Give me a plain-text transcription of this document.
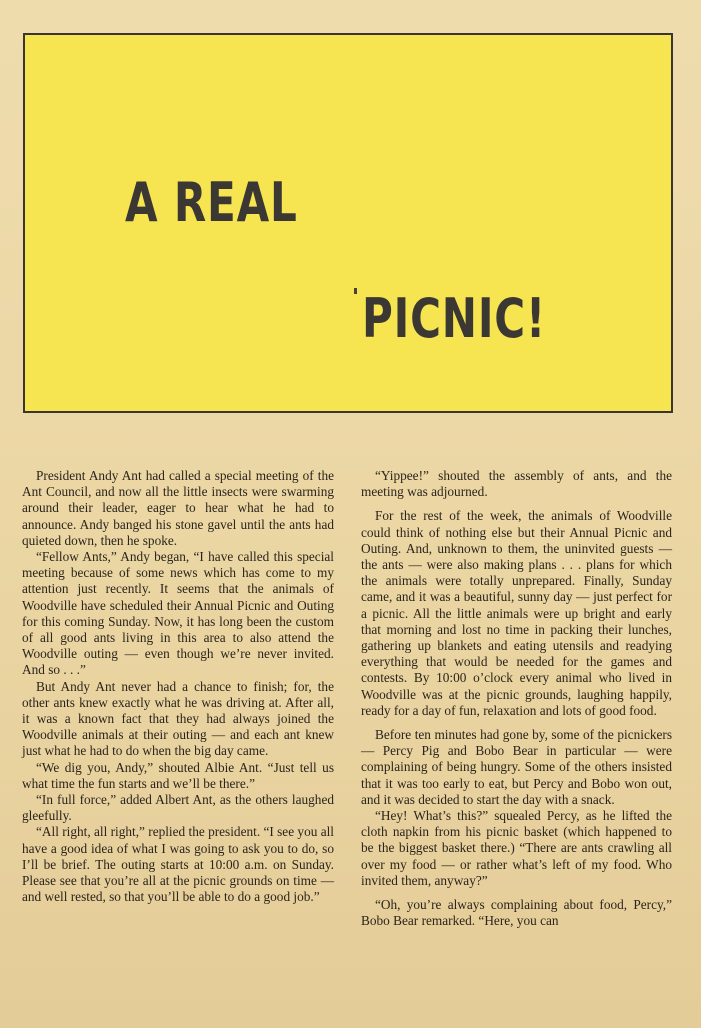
A REAL
PICNIC!

President Andy Ant had called a special meeting of the Ant Council, and now all the little insects were swarming around their leader, eager to hear what he had to announce. Andy banged his stone gavel until the ants had quieted down, then he spoke.

“Fellow Ants,” Andy began, “I have called this special meeting because of some news which has come to my attention just recently. It seems that the animals of Woodville have scheduled their Annual Picnic and Outing for this coming Sunday. Now, it has long been the custom of all good ants living in this area to also attend the Woodville outing — even though we’re never invited. And so . . .”

But Andy Ant never had a chance to finish; for, the other ants knew exactly what he was driving at. After all, it was a known fact that they had always joined the Woodville animals at their outing — and each ant knew just what he had to do when the big day came.

“We dig you, Andy,” shouted Albie Ant. “Just tell us what time the fun starts and we’ll be there.”

“In full force,” added Albert Ant, as the others laughed gleefully.

“All right, all right,” replied the president. “I see you all have a good idea of what I was going to ask you to do, so I’ll be brief. The outing starts at 10:00 a.m. on Sunday. Please see that you’re all at the picnic grounds on time — and well rested, so that you’ll be able to do a good job.”

“Yippee!” shouted the assembly of ants, and the meeting was adjourned.

For the rest of the week, the animals of Woodville could think of nothing else but their Annual Picnic and Outing. And, unknown to them, the uninvited guests — the ants — were also making plans . . . plans for which the animals were totally unprepared. Finally, Sunday came, and it was a beautiful, sunny day — just perfect for a picnic. All the little animals were up bright and early that morning and lost no time in packing their lunches, gathering up blankets and eating utensils and readying everything that would be needed for the games and contests. By 10:00 o’clock every animal who lived in Woodville was at the picnic grounds, laughing happily, ready for a day of fun, relaxation and lots of good food.

Before ten minutes had gone by, some of the picnickers — Percy Pig and Bobo Bear in particular — were complaining of being hungry. Some of the others insisted that it was too early to eat, but Percy and Bobo won out, and it was decided to start the day with a snack.

“Hey! What’s this?” squealed Percy, as he lifted the cloth napkin from his picnic basket (which happened to be the biggest basket there.) “There are ants crawling all over my food — or rather what’s left of my food. Who invited them, anyway?”

“Oh, you’re always complaining about food, Percy,” Bobo Bear remarked. “Here, you can
